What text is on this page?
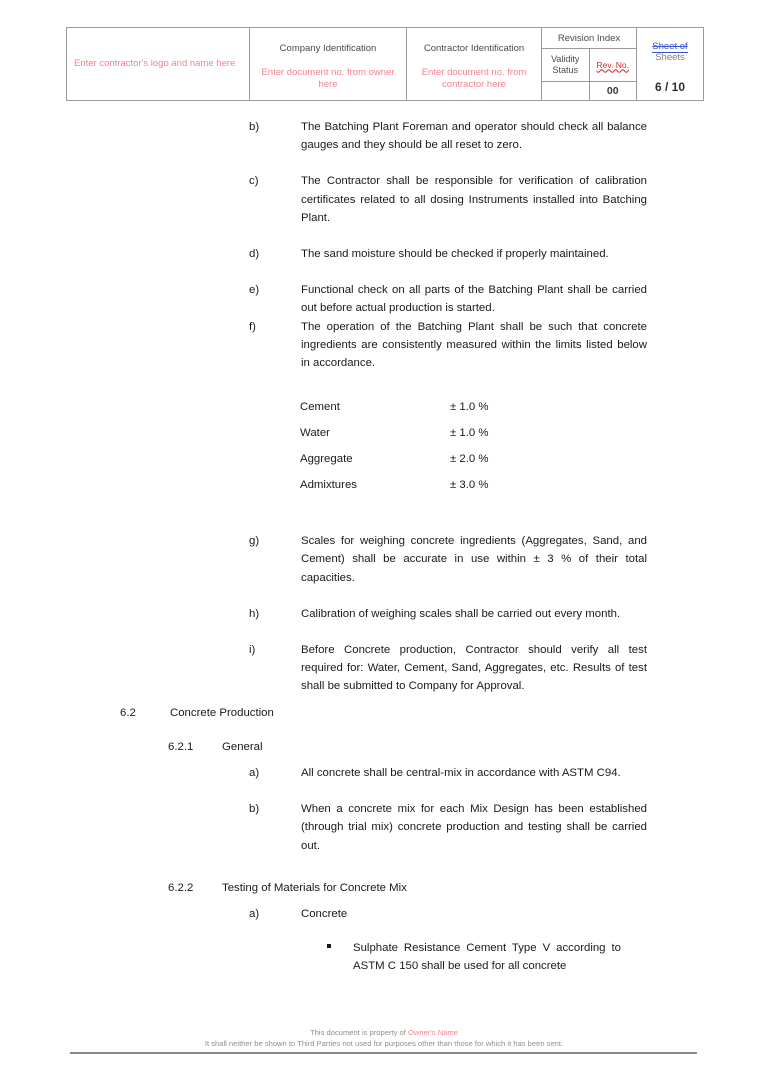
Enter contractor's logo and name here

Company Identification
Enter document no. from owner here

Contractor Identification
Enter document no. from contractor here

Revision Index
Validity Status	Rev. No.
	00

Sheet of Sheets
6 / 10
b)	The Batching Plant Foreman and operator should check all balance gauges and they should be all reset to zero.
c)	The Contractor shall be responsible for verification of calibration certificates related to all dosing Instruments installed into Batching Plant.
d)	The sand moisture should be checked if properly maintained.
e)	Functional check on all parts of the Batching Plant shall be carried out before actual production is started.
f)	The operation of the Batching Plant shall be such that concrete ingredients are consistently measured within the limits listed below in accordance.
Cement	± 1.0 %
Water	± 1.0 %
Aggregate	± 2.0 %
Admixtures	± 3.0 %
g)	Scales for weighing concrete ingredients (Aggregates, Sand, and Cement) shall be accurate in use within ± 3 % of their total capacities.
h)	Calibration of weighing scales shall be carried out every month.
i)	Before Concrete production, Contractor should verify all test required for: Water, Cement, Sand, Aggregates, etc. Results of test shall be submitted to Company for Approval.
6.2	Concrete Production
6.2.1	General
a)	All concrete shall be central-mix in accordance with ASTM C94.
b)	When a concrete mix for each Mix Design has been established (through trial mix) concrete production and testing shall be carried out.
6.2.2	Testing of Materials for Concrete Mix
a)	Concrete
Sulphate Resistance Cement Type V according to ASTM C 150 shall be used for all concrete
This document is property of Owner's Name
It shall neither be shown to Third Parties not used for purposes other than those for which it has been sent.
